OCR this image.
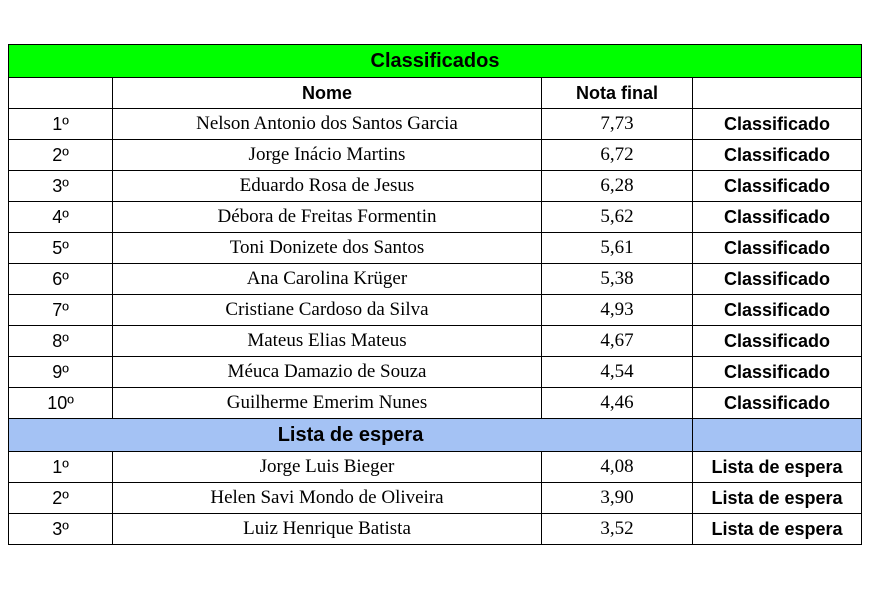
Classificados			
	Nome	Nota final	
1º	Nelson Antonio dos Santos Garcia	7,73	Classificado
2º	Jorge Inácio Martins	6,72	Classificado
3º	Eduardo Rosa de Jesus	6,28	Classificado
4º	Débora de Freitas Formentin	5,62	Classificado
5º	Toni Donizete dos Santos	5,61	Classificado
6º	Ana Carolina Krüger	5,38	Classificado
7º	Cristiane Cardoso da Silva	4,93	Classificado
8º	Mateus Elias Mateus	4,67	Classificado
9º	Méuca Damazio de Souza	4,54	Classificado
10º	Guilherme Emerim Nunes	4,46	Classificado
Lista de espera			
1º	Jorge Luis Bieger	4,08	Lista de espera
2º	Helen Savi Mondo de Oliveira	3,90	Lista de espera
3º	Luiz Henrique Batista	3,52	Lista de espera
